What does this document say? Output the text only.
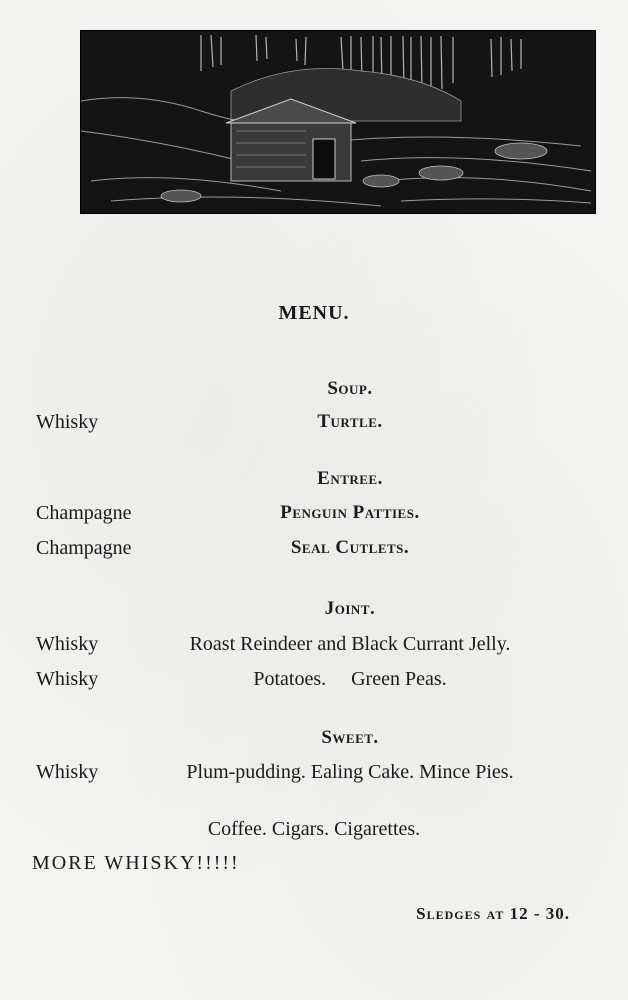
MENU.
Soup.
Whisky	Turtle.
Entree.
Champagne	Penguin Patties.
Champagne	Seal Cutlets.
Joint.
Whisky	Roast Reindeer and Black Currant Jelly.
Whisky	Potatoes.     Green Peas.
Sweet.
Whisky	Plum-pudding. Ealing Cake. Mince Pies.
Coffee. Cigars. Cigarettes.
MORE WHISKY!!!!!
Sledges at 12 - 30.
